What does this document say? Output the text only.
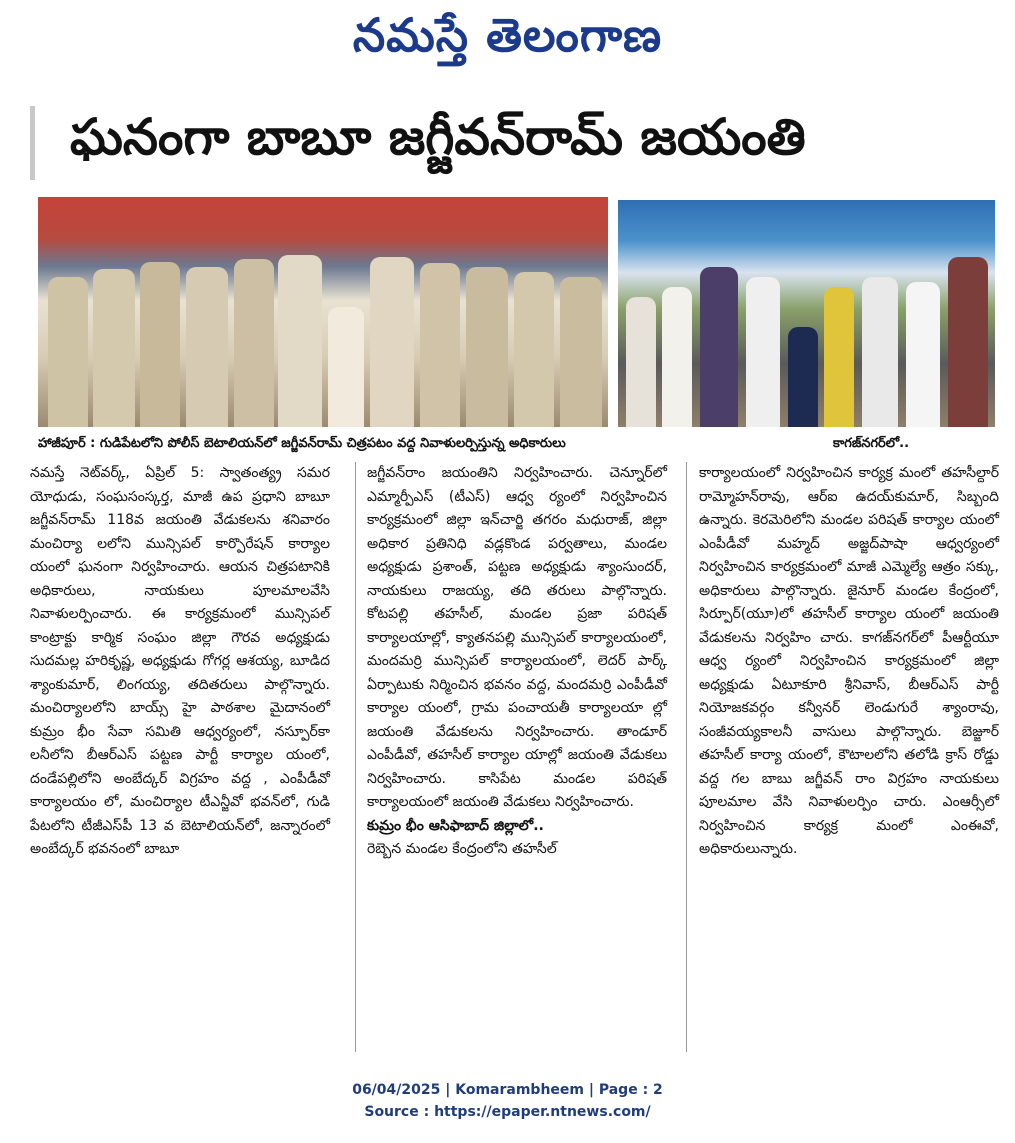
నమస్తే తెలంగాణ
ఘనంగా బాబూ జగ్జీవన్‌రామ్ జయంతి
హాజీపూర్ : గుడిపేటలోని పోలీస్ బెటాలియన్‌లో జగ్జీవన్‌రామ్ చిత్రపటం వద్ద నివాళులర్పిస్తున్న అధికారులు	కాగజ్‌నగర్‌లో..

నమస్తే నెట్‌వర్క్, ఏప్రిల్ 5: స్వాతంత్య్ర సమర యోధుడు, సంఘసంస్కర్త, మాజీ ఉప ప్రధాని బాబూ జగ్జీవన్‌రామ్ 118వ జయంతి వేడుకలను శనివారం మంచిర్యా లలోని మున్సిపల్ కార్పొరేషన్ కార్యాల యంలో ఘనంగా నిర్వహించారు. ఆయన చిత్రపటానికి అధికారులు, నాయకులు పూలమాలవేసి నివాళులర్పించారు. ఈ కార్యక్రమంలో మున్సిపల్ కాంట్రాక్టు కార్మిక సంఘం జిల్లా గౌరవ అధ్యక్షుడు సుదమల్ల హరికృష్ణ, అధ్యక్షుడు గోగర్ల ఆశయ్య, బూడిద శ్యాంకుమార్, లింగయ్య, తదితరులు పాల్గొన్నారు. మంచిర్యాలలోని బాయ్స్ హై పాఠశాల మైదానంలో కుమ్రం భీం సేవా సమితి ఆధ్వర్యంలో, నస్పూర్‌కా లనీలోని బీఆర్‌ఎస్ పట్టణ పార్టీ కార్యాల యంలో, దండేపల్లిలోని అంబేద్కర్ విగ్రహం వద్ద , ఎంపీడీవో కార్యాలయం లో, మంచిర్యాల టీఎన్జీవో భవన్‌లో, గుడి పేటలోని టీజీఎస్‌పీ 13 వ బెటాలియన్‌లో, జన్నారంలో అంబేద్కర్ భవనంలో బాబూ

జగ్జీవన్‌రాం జయంతిని నిర్వహించారు. చెన్నూర్‌లో ఎమ్మార్పీఎస్ (టీఎస్) ఆధ్వ ర్యంలో నిర్వహించిన కార్యక్రమంలో జిల్లా ఇన్‌చార్జి తగరం మధురాజ్, జిల్లా అధికార ప్రతినిధి వడ్లకొండ పర్వతాలు, మండల అధ్యక్షుడు ప్రశాంత్, పట్టణ అధ్యక్షుడు శ్యాంసుందర్, నాయకులు రాజయ్య, తది తరులు పాల్గొన్నారు. కోటపల్లి తహసీల్, మండల ప్రజా పరిషత్ కార్యాలయాల్లో, క్యాతనపల్లి మున్సిపల్ కార్యాలయంలో, మందమర్రి మున్సిపల్ కార్యాలయంలో, లెదర్ పార్క్ ఏర్పాటుకు నిర్మించిన భవనం వద్ద, మందమర్రి ఎంపీడీవో కార్యాల యంలో, గ్రామ పంచాయతీ కార్యాలయా ల్లో జయంతి వేడుకలను నిర్వహించారు. తాండూర్ ఎంపీడీవో, తహసీల్ కార్యాల యాల్లో జయంతి వేడుకలు నిర్వహించారు. కాసిపేట మండల పరిషత్ కార్యాలయంలో జయంతి వేడుకలు నిర్వహించారు.

కుమ్రం భీం ఆసిఫాబాద్ జిల్లాలో..

రెబ్బెన మండల కేంద్రంలోని తహసీల్

కార్యాలయంలో నిర్వహించిన కార్యక్ర మంలో తహసీల్దార్ రామ్మోహన్‌రావు, ఆర్ఐ ఉదయ్‌కుమార్, సిబ్బంది ఉన్నారు. కెరమెరిలోని మండల పరిషత్ కార్యాల యంలో ఎంపీడీవో మహ్మద్ అజ్జద్‌పాషా ఆధ్వర్యంలో నిర్వహించిన కార్యక్రమంలో మాజీ ఎమ్మెల్యే ఆత్రం సక్కు, అధికారులు పాల్గొన్నారు. జైనూర్ మండల కేంద్రంలో, సిర్పూర్(యూ)లో తహసీల్ కార్యాల యంలో జయంతి వేడుకలను నిర్వహిం చారు. కాగజ్‌నగర్‌లో పీఆర్టీయూ ఆధ్వ ర్యంలో నిర్వహించిన కార్యక్రమంలో జిల్లా అధ్యక్షుడు ఏటూకూరి శ్రీనివాస్, బీఆర్‌ఎస్ పార్టీ నియోజకవర్గం కన్వీనర్ లెండుగురే శ్యాంరావు, సంజీవయ్యకాలనీ వాసులు పాల్గొన్నారు. బెజ్జూర్ తహసీల్ కార్యా యంలో, కౌటాలలోని తలోడి క్రాస్ రోడ్డు వద్ద గల బాబు జగ్జీవన్ రాం విగ్రహం నాయకులు పూలమాల వేసి నివాళులర్పిం చారు. ఎంఆర్సీలో నిర్వహించిన కార్యక్ర మంలో ఎంఈవో, అధికారులున్నారు.

06/04/2025 | Komarambheem | Page : 2
Source : https://epaper.ntnews.com/
